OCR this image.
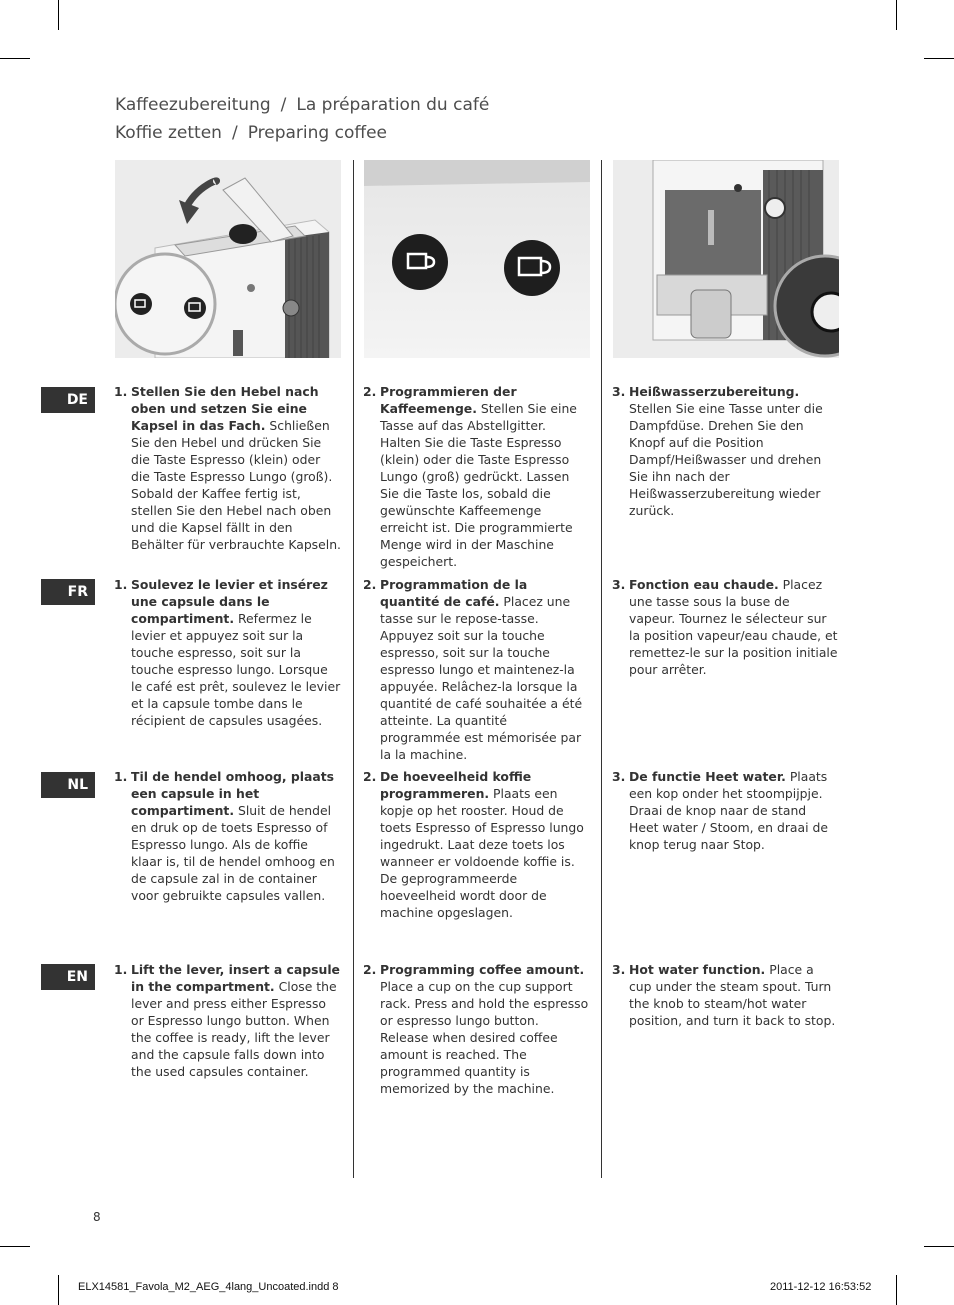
Kaffeezubereitung / La préparation du café
Koffie zetten / Preparing coffee
DE
1. Stellen Sie den Hebel nach oben und setzen Sie eine Kapsel in das Fach. Schließen Sie den Hebel und drücken Sie die Taste Espresso (klein) oder die Taste Espresso Lungo (groß). Sobald der Kaffee fertig ist, stellen Sie den Hebel nach oben und die Kapsel fällt in den Behälter für verbrauchte Kapseln.
2. Programmieren der Kaffeemenge. Stellen Sie eine Tasse auf das Abstellgitter. Halten Sie die Taste Espresso (klein) oder die Taste Espresso Lungo (groß) gedrückt. Lassen Sie die Taste los, sobald die gewünschte Kaffeemenge erreicht ist. Die programmierte Menge wird in der Maschine gespeichert.
3. Heißwasserzubereitung. Stellen Sie eine Tasse unter die Dampfdüse. Drehen Sie den Knopf auf die Position Dampf/Heißwasser und drehen Sie ihn nach der Heißwasserzubereitung wieder zurück.
FR	1. Soulevez le levier et insérez une capsule dans le compartiment. Refermez le levier et appuyez soit sur la touche espresso, soit sur la touche espresso lungo. Lorsque le café est prêt, soulevez le levier et la capsule tombe dans le récipient de capsules usagées.
2. Programmation de la quantité de café. Placez une tasse sur le repose-tasse. Appuyez soit sur la touche espresso, soit sur la touche espresso lungo et maintenez-la appuyée. Relâchez-la lorsque la quantité de café souhaitée a été atteinte. La quantité programmée est mémorisée par la la machine.
3. Fonction eau chaude. Placez une tasse sous la buse de vapeur. Tournez le sélecteur sur la position vapeur/eau chaude, et remettez-le sur la position initiale pour arrêter.
NL
1. Til de hendel omhoog, plaats een capsule in het compartiment. Sluit de hendel en druk op de toets Espresso of Espresso lungo. Als de koffie klaar is, til de hendel omhoog en de capsule zal in de container voor gebruikte capsules vallen.
2. De hoeveelheid koffie programmeren. Plaats een kopje op het rooster. Houd de toets Espresso of Espresso lungo ingedrukt. Laat deze toets los wanneer er voldoende koffie is. De geprogrammeerde hoeveelheid wordt door de machine opgeslagen.
3. De functie Heet water. Plaats een kop onder het stoompijpje. Draai de knop naar de stand Heet water / Stoom, en draai de knop terug naar Stop.
EN	1. Lift the lever, insert a capsule in the compartment. Close the lever and press either Espresso or Espresso lungo button. When the coffee is ready, lift the lever and the capsule falls down into the used capsules container.
2. Programming coffee amount. Place a cup on the cup support rack. Press and hold the espresso or espresso lungo button. Release when desired coffee amount is reached. The programmed quantity is memorized by the machine.
3. Hot water function. Place a cup under the steam spout. Turn the knob to steam/hot water position, and turn it back to stop.
8
ELX14581_Favola_M2_AEG_4lang_Uncoated.indd 8	2011-12-12 16:53:52
